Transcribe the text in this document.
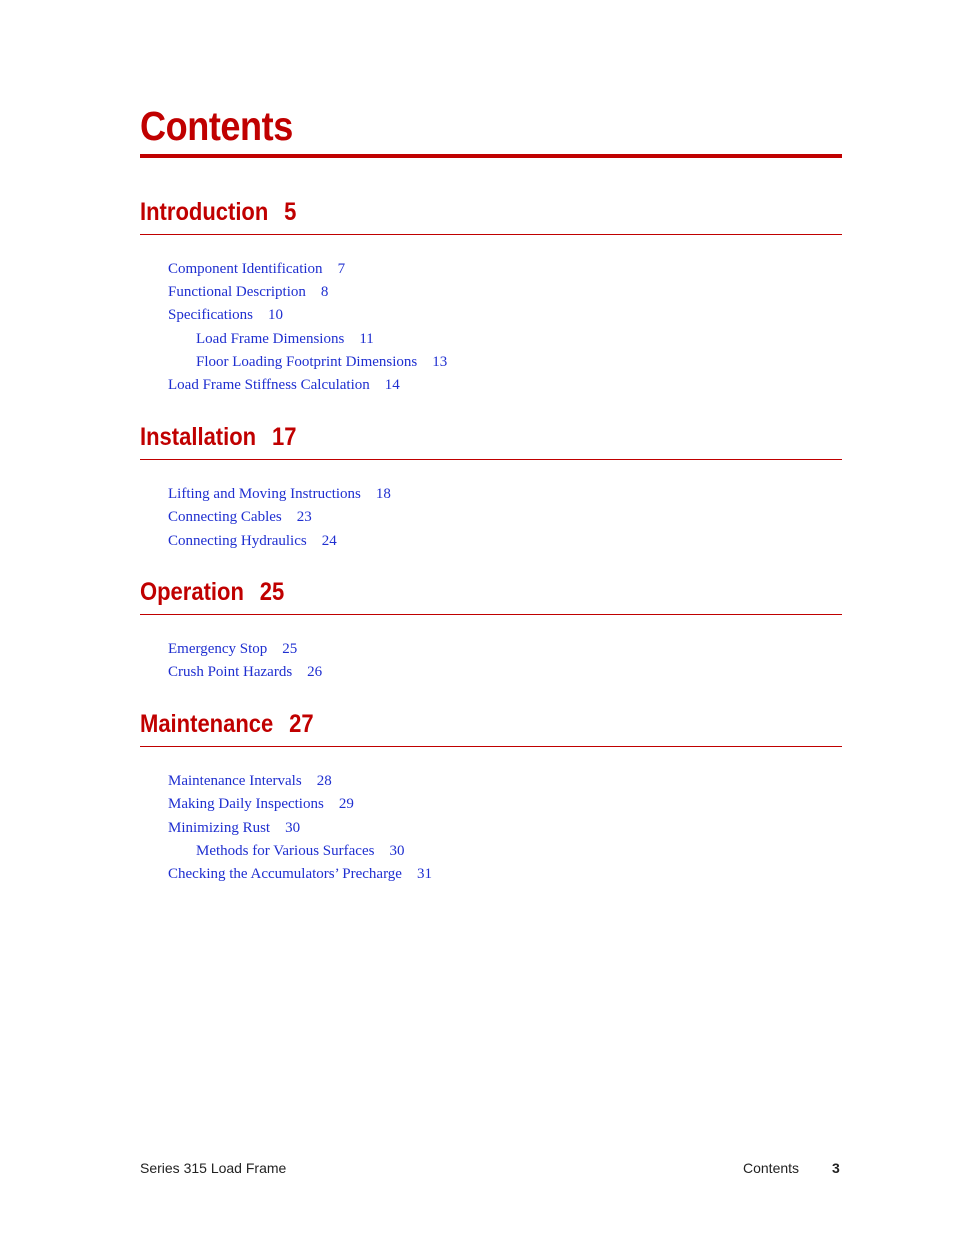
Contents
Introduction 5
Component Identification 7
Functional Description 8
Specifications 10
Load Frame Dimensions 11
Floor Loading Footprint Dimensions 13
Load Frame Stiffness Calculation 14
Installation 17
Lifting and Moving Instructions 18
Connecting Cables 23
Connecting Hydraulics 24
Operation 25
Emergency Stop 25
Crush Point Hazards 26
Maintenance 27
Maintenance Intervals 28
Making Daily Inspections 29
Minimizing Rust 30
Methods for Various Surfaces 30
Checking the Accumulators’ Precharge 31
Series 315 Load Frame	Contents 3
